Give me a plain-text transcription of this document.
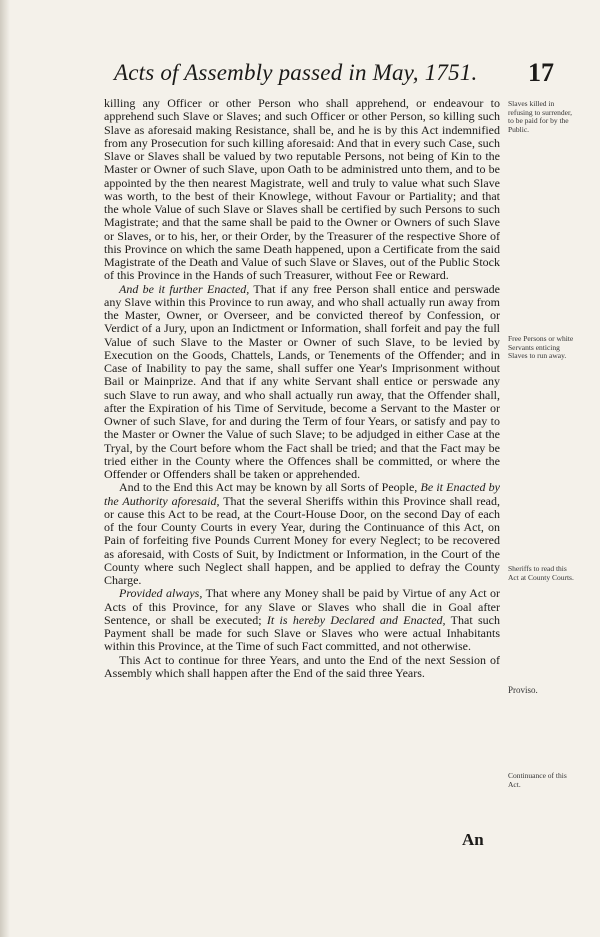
Acts of Assembly passed in May, 1751. 17

killing any Officer or other Person who shall apprehend, or endeavour to apprehend such Slave or Slaves; and such Officer or other Person, so killing such Slave as aforesaid making Resistance, shall be, and he is by this Act indemnified from any Prosecution for such killing aforesaid: And that in every such Case, such Slave or Slaves shall be valued by two reputable Persons, not being of Kin to the Master or Owner of such Slave, upon Oath to be administred unto them, and to be appointed by the then nearest Magistrate, well and truly to value what such Slave was worth, to the best of their Knowlege, without Favour or Partiality; and that the whole Value of such Slave or Slaves shall be certified by such Persons to such Magistrate; and that the same shall be paid to the Owner or Owners of such Slave or Slaves, or to his, her, or their Order, by the Treasurer of the respective Shore of this Province on which the same Death happened, upon a Certificate from the said Magistrate of the Death and Value of such Slave or Slaves, out of the Public Stock of this Province in the Hands of such Treasurer, without Fee or Reward.

And be it further Enacted, That if any free Person shall entice and perswade any Slave within this Province to run away, and who shall actually run away from the Master, Owner, or Overseer, and be convicted thereof by Confession, or Verdict of a Jury, upon an Indictment or Information, shall forfeit and pay the full Value of such Slave to the Master or Owner of such Slave, to be levied by Execution on the Goods, Chattels, Lands, or Tenements of the Offender; and in Case of Inability to pay the same, shall suffer one Year's Imprisonment without Bail or Mainprize. And that if any white Servant shall entice or perswade any such Slave to run away, and who shall actually run away, that the Offender shall, after the Expiration of his Time of Servitude, become a Servant to the Master or Owner of such Slave, for and during the Term of four Years, or satisfy and pay to the Master or Owner the Value of such Slave; to be adjudged in either Case at the Tryal, by the Court before whom the Fact shall be tried; and that the Fact may be tried either in the County where the Offences shall be committed, or where the Offender or Offenders shall be taken or apprehended.

And to the End this Act may be known by all Sorts of People, Be it Enacted by the Authority aforesaid, That the several Sheriffs within this Province shall read, or cause this Act to be read, at the Court-House Door, on the second Day of each of the four County Courts in every Year, during the Continuance of this Act, on Pain of forfeiting five Pounds Current Money for every Neglect; to be recovered as aforesaid, with Costs of Suit, by Indictment or Information, in the Court of the County where such Neglect shall happen, and be applied to defray the County Charge.

Provided always, That where any Money shall be paid by Virtue of any Act or Acts of this Province, for any Slave or Slaves who shall die in Goal after Sentence, or shall be executed; It is hereby Declared and Enacted, That such Payment shall be made for such Slave or Slaves who were actual Inhabitants within this Province, at the Time of such Fact committed, and not otherwise.

This Act to continue for three Years, and unto the End of the next Session of Assembly which shall happen after the End of the said three Years.

Slaves killed in refusing to surrender, to be paid for by the Public.
Free Persons or white Servants enticing Slaves to run away.
Sheriffs to read this Act at County Courts.
Proviso.
Continuance of this Act.
An
